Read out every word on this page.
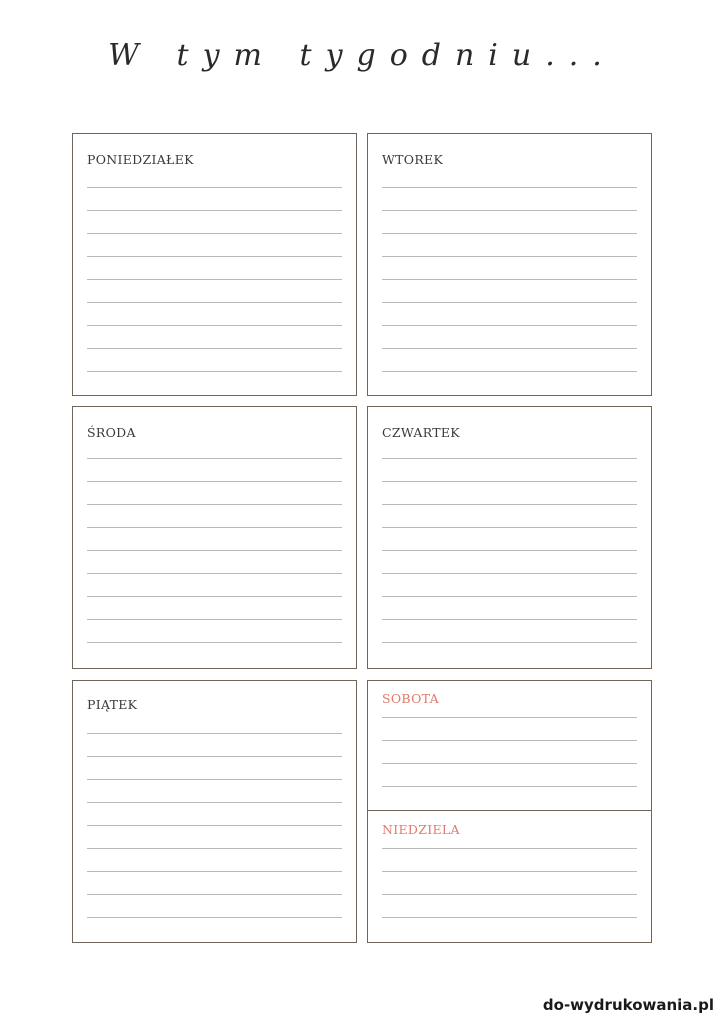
W tym tygodniu...
PONIEDZIAŁEK	WTOREK
ŚRODA	CZWARTEK
PIĄTEK	SOBOTA
NIEDZIELA
do-wydrukowania.pl
